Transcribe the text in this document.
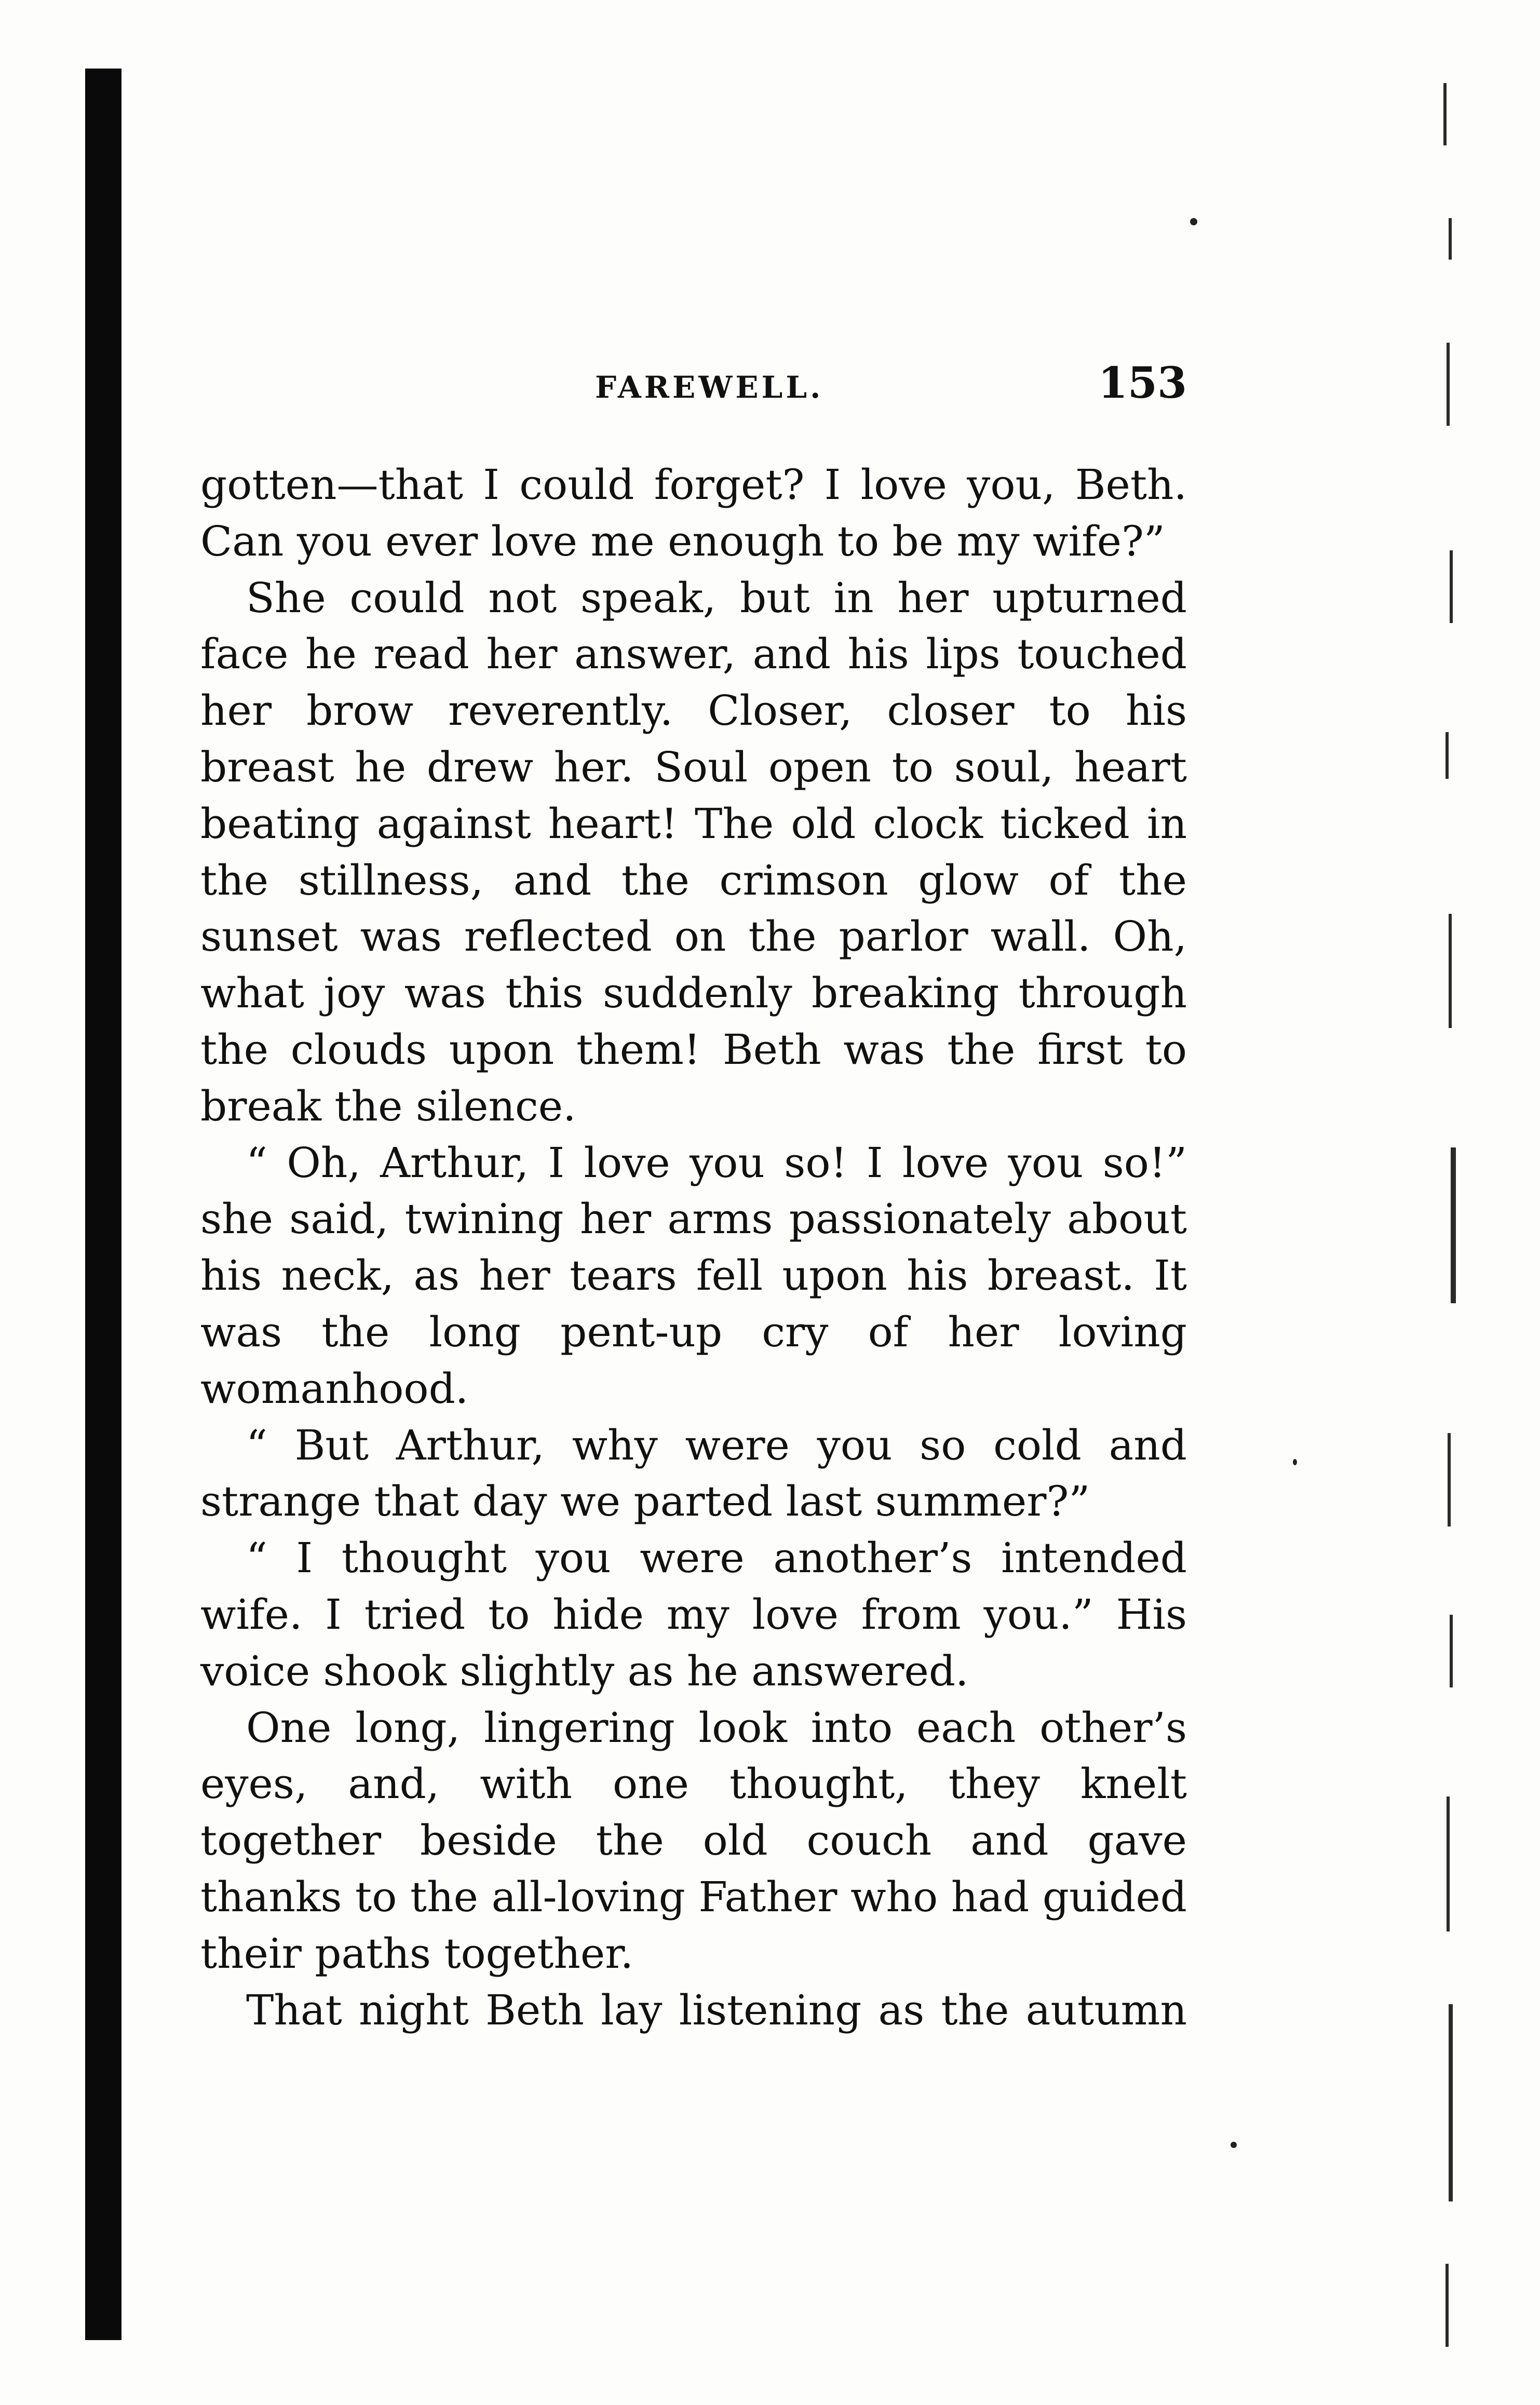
FAREWELL.	153

gotten—that I could forget? I love you, Beth. Can you ever love me enough to be my wife?”

She could not speak, but in her upturned face he read her answer, and his lips touched her brow reverently. Closer, closer to his breast he drew her. Soul open to soul, heart beating against heart! The old clock ticked in the stillness, and the crimson glow of the sunset was reflected on the parlor wall. Oh, what joy was this suddenly breaking through the clouds upon them! Beth was the first to break the silence.

“ Oh, Arthur, I love you so! I love you so!” she said, twining her arms passionately about his neck, as her tears fell upon his breast. It was the long pent-up cry of her loving womanhood.

“ But Arthur, why were you so cold and strange that day we parted last summer?”

“ I thought you were another’s intended wife. I tried to hide my love from you.” His voice shook slightly as he answered.

One long, lingering look into each other’s eyes, and, with one thought, they knelt together beside the old couch and gave thanks to the all-loving Father who had guided their paths together.

That night Beth lay listening as the autumn
